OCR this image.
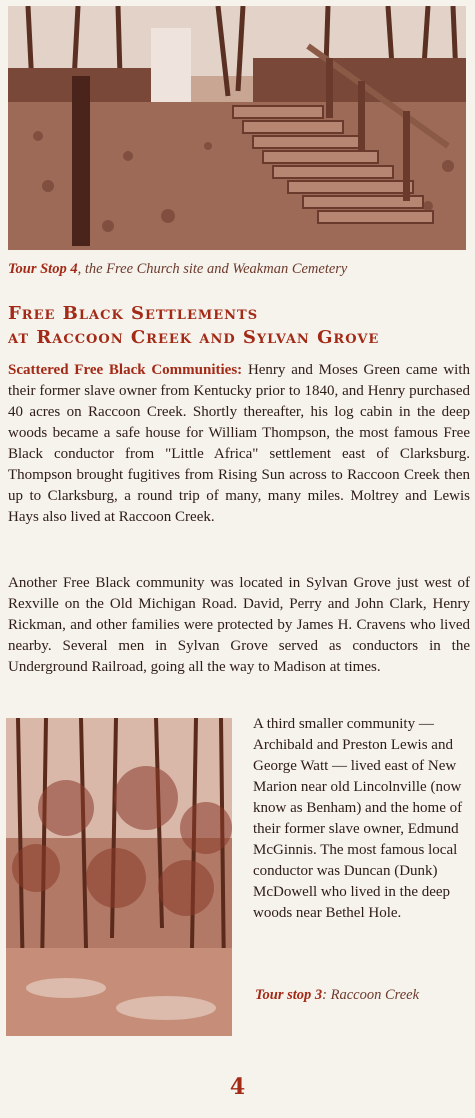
Tour Stop 4, the Free Church site and Weakman Cemetery
Free Black Settlements
at Raccoon Creek and Sylvan Grove

Scattered Free Black Communities: Henry and Moses Green came with their former slave owner from Kentucky prior to 1840, and Henry purchased 40 acres on Raccoon Creek. Shortly thereafter, his log cabin in the deep woods became a safe house for William Thompson, the most famous Free Black conductor from "Little Africa" settlement east of Clarksburg. Thompson brought fugitives from Rising Sun across to Raccoon Creek then up to Clarksburg, a round trip of many, many miles. Moltrey and Lewis Hays also lived at Raccoon Creek.

Another Free Black community was located in Sylvan Grove just west of Rexville on the Old Michigan Road. David, Perry and John Clark, Henry Rickman, and other families were protected by James H. Cravens who lived nearby. Several men in Sylvan Grove served as conductors in the Underground Railroad, going all the way to Madison at times.

A third smaller community — Archibald and Preston Lewis and George Watt — lived east of New Marion near old Lincolnville (now know as Benham) and the home of their former slave owner, Edmund McGinnis. The most famous local conductor was Duncan (Dunk) McDowell who lived in the deep woods near Bethel Hole.

Tour stop 3: Raccoon Creek
4
